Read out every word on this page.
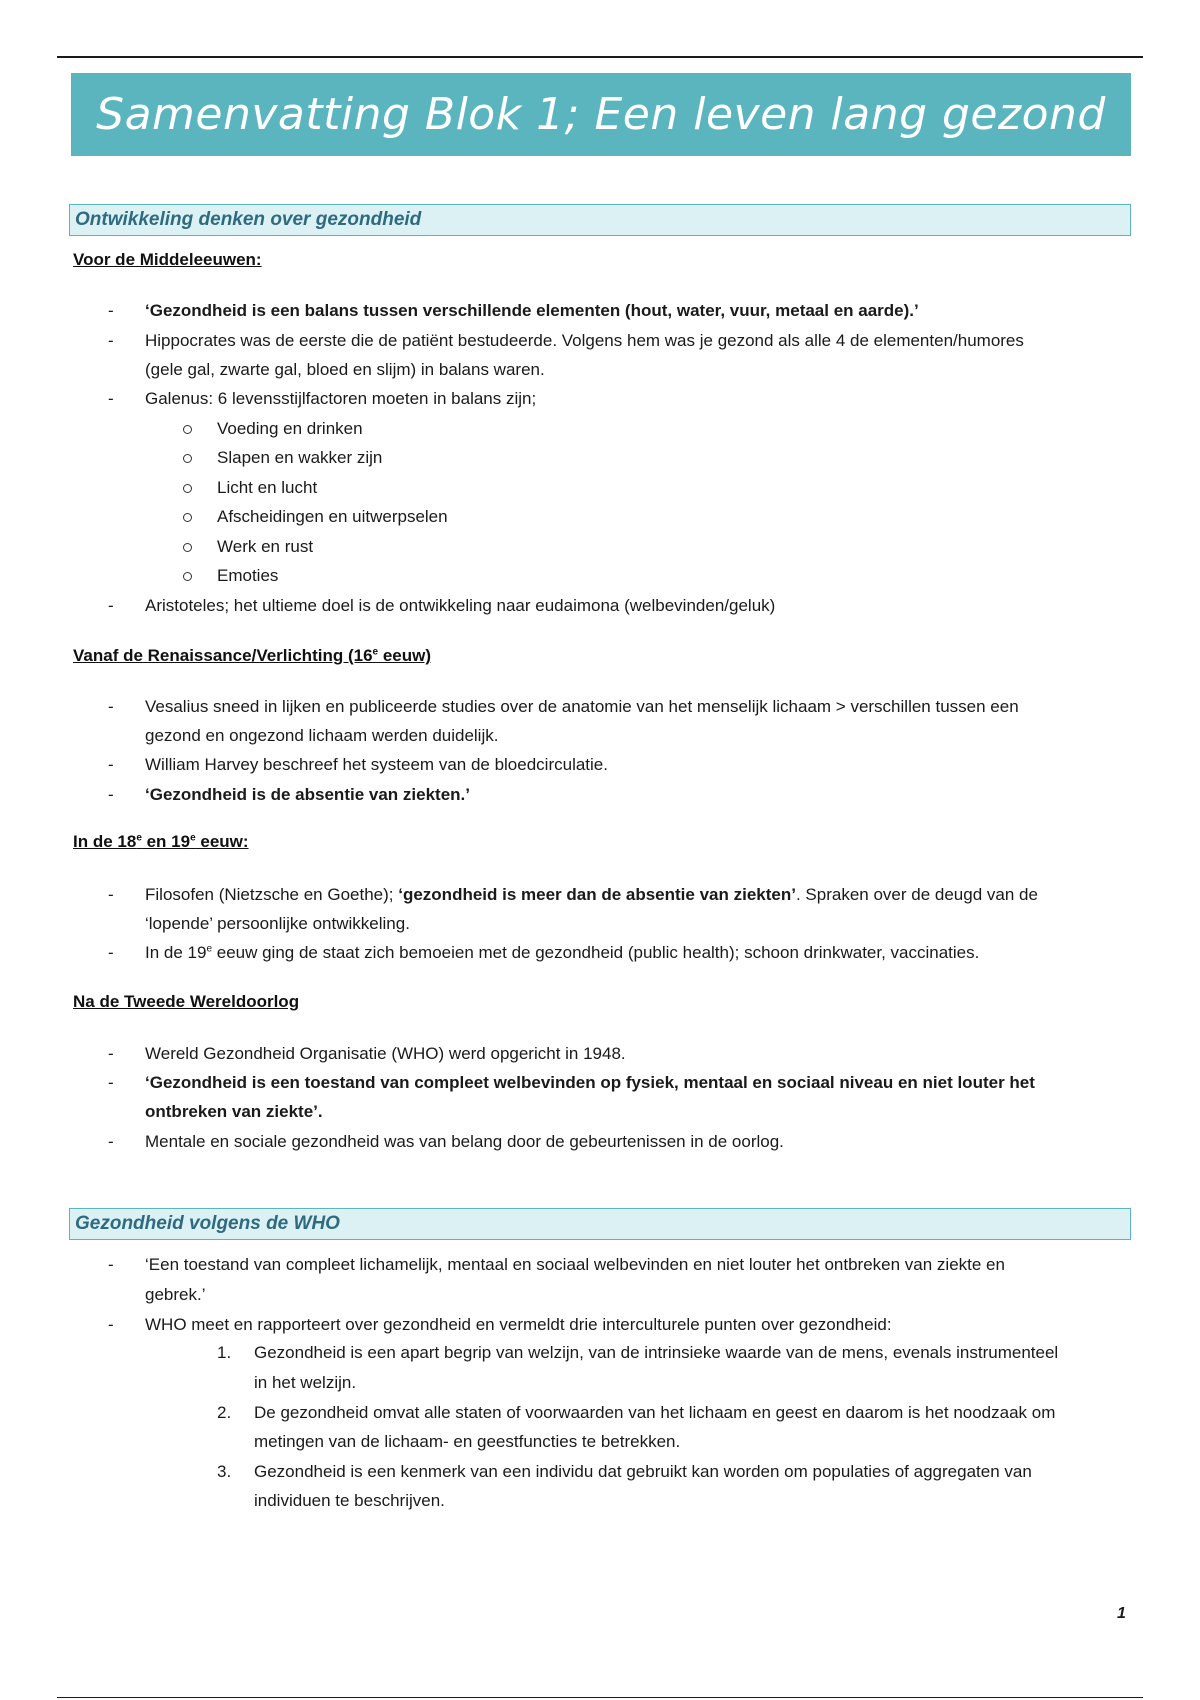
Samenvatting Blok 1; Een leven lang gezond
Ontwikkeling denken over gezondheid
Voor de Middeleeuwen:
- ‘Gezondheid is een balans tussen verschillende elementen (hout, water, vuur, metaal en aarde).’
- Hippocrates was de eerste die de patiënt bestudeerde. Volgens hem was je gezond als alle 4 de elementen/humores
(gele gal, zwarte gal, bloed en slijm) in balans waren.
- Galenus: 6 levensstijlfactoren moeten in balans zijn;
Voeding en drinken
Slapen en wakker zijn
Licht en lucht
Afscheidingen en uitwerpselen
Werk en rust
Emoties
- Aristoteles; het ultieme doel is de ontwikkeling naar eudaimona (welbevinden/geluk)
Vanaf de Renaissance/Verlichting (16e eeuw)
- Vesalius sneed in lijken en publiceerde studies over de anatomie van het menselijk lichaam > verschillen tussen een
gezond en ongezond lichaam werden duidelijk.
- William Harvey beschreef het systeem van de bloedcirculatie.
- ‘Gezondheid is de absentie van ziekten.’
In de 18e en 19e eeuw:
- Filosofen (Nietzsche en Goethe); ‘gezondheid is meer dan de absentie van ziekten’. Spraken over de deugd van de
‘lopende’ persoonlijke ontwikkeling.
- In de 19e eeuw ging de staat zich bemoeien met de gezondheid (public health); schoon drinkwater, vaccinaties.
Na de Tweede Wereldoorlog
- Wereld Gezondheid Organisatie (WHO) werd opgericht in 1948.
- ‘Gezondheid is een toestand van compleet welbevinden op fysiek, mentaal en sociaal niveau en niet louter het
ontbreken van ziekte’.
- Mentale en sociale gezondheid was van belang door de gebeurtenissen in de oorlog.
Gezondheid volgens de WHO
- ‘Een toestand van compleet lichamelijk, mentaal en sociaal welbevinden en niet louter het ontbreken van ziekte en
gebrek.’
- WHO meet en rapporteert over gezondheid en vermeldt drie interculturele punten over gezondheid:
1. Gezondheid is een apart begrip van welzijn, van de intrinsieke waarde van de mens, evenals instrumenteel
in het welzijn.
2. De gezondheid omvat alle staten of voorwaarden van het lichaam en geest en daarom is het noodzaak om
metingen van de lichaam- en geestfuncties te betrekken.
3. Gezondheid is een kenmerk van een individu dat gebruikt kan worden om populaties of aggregaten van
individuen te beschrijven.
1
